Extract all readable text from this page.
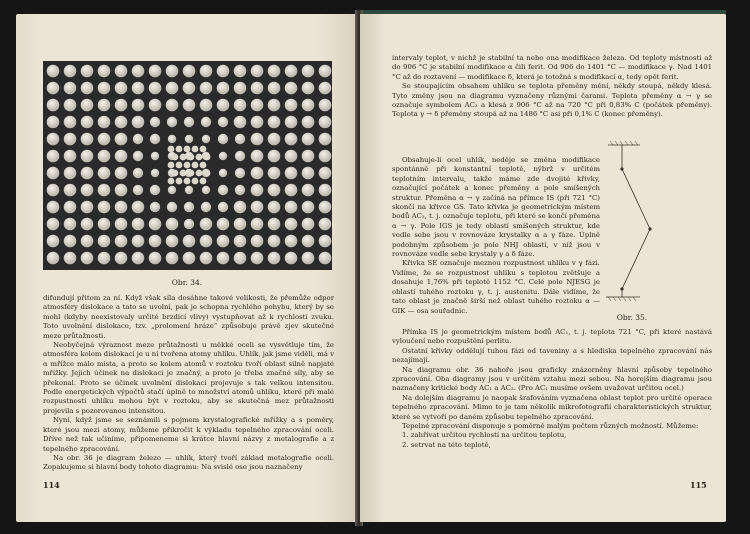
Obr. 34.

difundují přitom za ní. Když však síla dosáhne takové velikosti, že přemůže odpor atmosféry dislokace a tato se uvolní, pak je schopna rychlého pohybu, který by se mohl (kdyby neexistovaly určité brzdicí vlivy) vystupňovat až k rychlosti zvuku. Toto uvolnění dislokace, tzv. „prolomení hráze“ způsobuje právě zjev skutečné meze průtažnosti.

Neobyčejná výraznost meze průtažnosti u měkké oceli se vysvětluje tím, že atmosféra kolem dislokací je u ní tvořena atomy uhlíku. Uhlík, jak jsme viděli, má v α mřížce málo místa, a proto se kolem atomů v roztoku tvoří oblast silně napjaté mřížky. Jejich účinek na dislokaci je značný, a proto je třeba značné síly, aby se překonal. Proto se účinek uvolnění dislokací projevuje s tak velkou intensitou. Podle energetických výpočtů stačí úplně to množství atomů uhlíku, které při malé rozpustnosti uhlíku mohou být v roztoku, aby se skutečná mez průtažnosti projevila s pozorovanou intensitou.

Nyní, když jsme se seznámili s pojmem krystalografické mřížky a s poměry, které jsou mezi atomy, můžeme přikročit k výkladu tepelného zpracování oceli. Dříve než tak učiníme, připomeneme si krátce hlavní názvy z metalografie a z tepelného zpracování.

Na obr. 36 je diagram železo — uhlík, který tvoří základ metalografie oceli. Zopakujeme si hlavní body tohoto diagramu: Na svislé ose jsou naznačeny

114

intervaly teplot, v nichž je stabilní ta nebo ona modifikace železa. Od teploty místnosti až do 906 °C je stabilní modifikace α čili ferit. Od 906 do 1401 °C — modifikace γ. Nad 1401 °C až do roztavení — modifikace δ, která je totožná s modifikací α, tedy opět ferit.

Se stoupajícím obsahem uhlíku se teplota přeměny mění, někdy stoupá, někdy klesá. Tyto změny jsou na diagramu vyznačeny různými čarami. Teplota přeměny α → γ se označuje symbolem AC₃ a klesá z 906 °C až na 720 °C při 0,83% C (počátek přeměny). Teplota γ → δ přeměny stoupá až na 1486 °C asi při 0,1% C (konec přeměny).

Obsahuje-li ocel uhlík, neděje se změna modifikace spontánně při konstantní teplotě, nýbrž v určitém teplotním intervalu, takže máme zde dvojité křivky, označující počátek a konec přeměny a pole smíšených struktur. Přeměna α → γ začíná na přímce IS (při 721 °C) skončí na křivce GS. Tato křivka je geometrickým místem bodů AC₃, t. j. označuje teplotu, při které se končí přeměna α → γ. Pole IGS je tedy oblastí smíšených struktur, kde vedle sebe jsou v rovnováze krystalky α a γ fáze. Úplně podobným způsobem je pole NHJ oblastí, v níž jsou v rovnováze vedle sebe krystaly γ a δ fáze.

Křivka SE označuje meznou rozpustnost uhlíku v γ fázi. Vidíme, že se rozpustnost uhlíku s teplotou zvětšuje a dosahuje 1,76% při teplotě 1152 °C. Celé pole NJESG je oblastí tuhého roztoku γ, t. j. austenitu. Dále vidíme, že tato oblast je značně širší než oblast tuhého roztoku α — GIK — osa souřadnic.

Přímka IS je geometrickým místem bodů AC₁, t. j. teplota 721 °C, při které nastává vyloučení nebo rozpuštění perlitu.

Ostatní křivky oddělují tuhou fázi od taveniny a s hlediska tepelného zpracování nás nezajímají.

Na diagramu obr. 36 nahoře jsou graficky znázorněny hlavní způsoby tepelného zpracování. Oba diagramy jsou v určitém vztahu mezi sebou. Na horejším diagramu jsou naznačeny kritické body AC₁ a AC₃. (Pro AC₁ musíme ovšem uvažovat určitou ocel.)

Na dolejším diagramu je naopak šrafováním vyznačena oblast teplot pro určité operace tepelného zpracování. Mimo to je tam několik mikrofotografií charakteristických struktur, které se vytvoří po daném způsobu tepelného zpracování.

Tepelné zpracování disponuje s poměrně malým počtem různých možností. Můžeme:

1. zahřívat určitou rychlostí na určitou teplotu,

2. setrvat na této teplotě,

Obr. 35.
115
